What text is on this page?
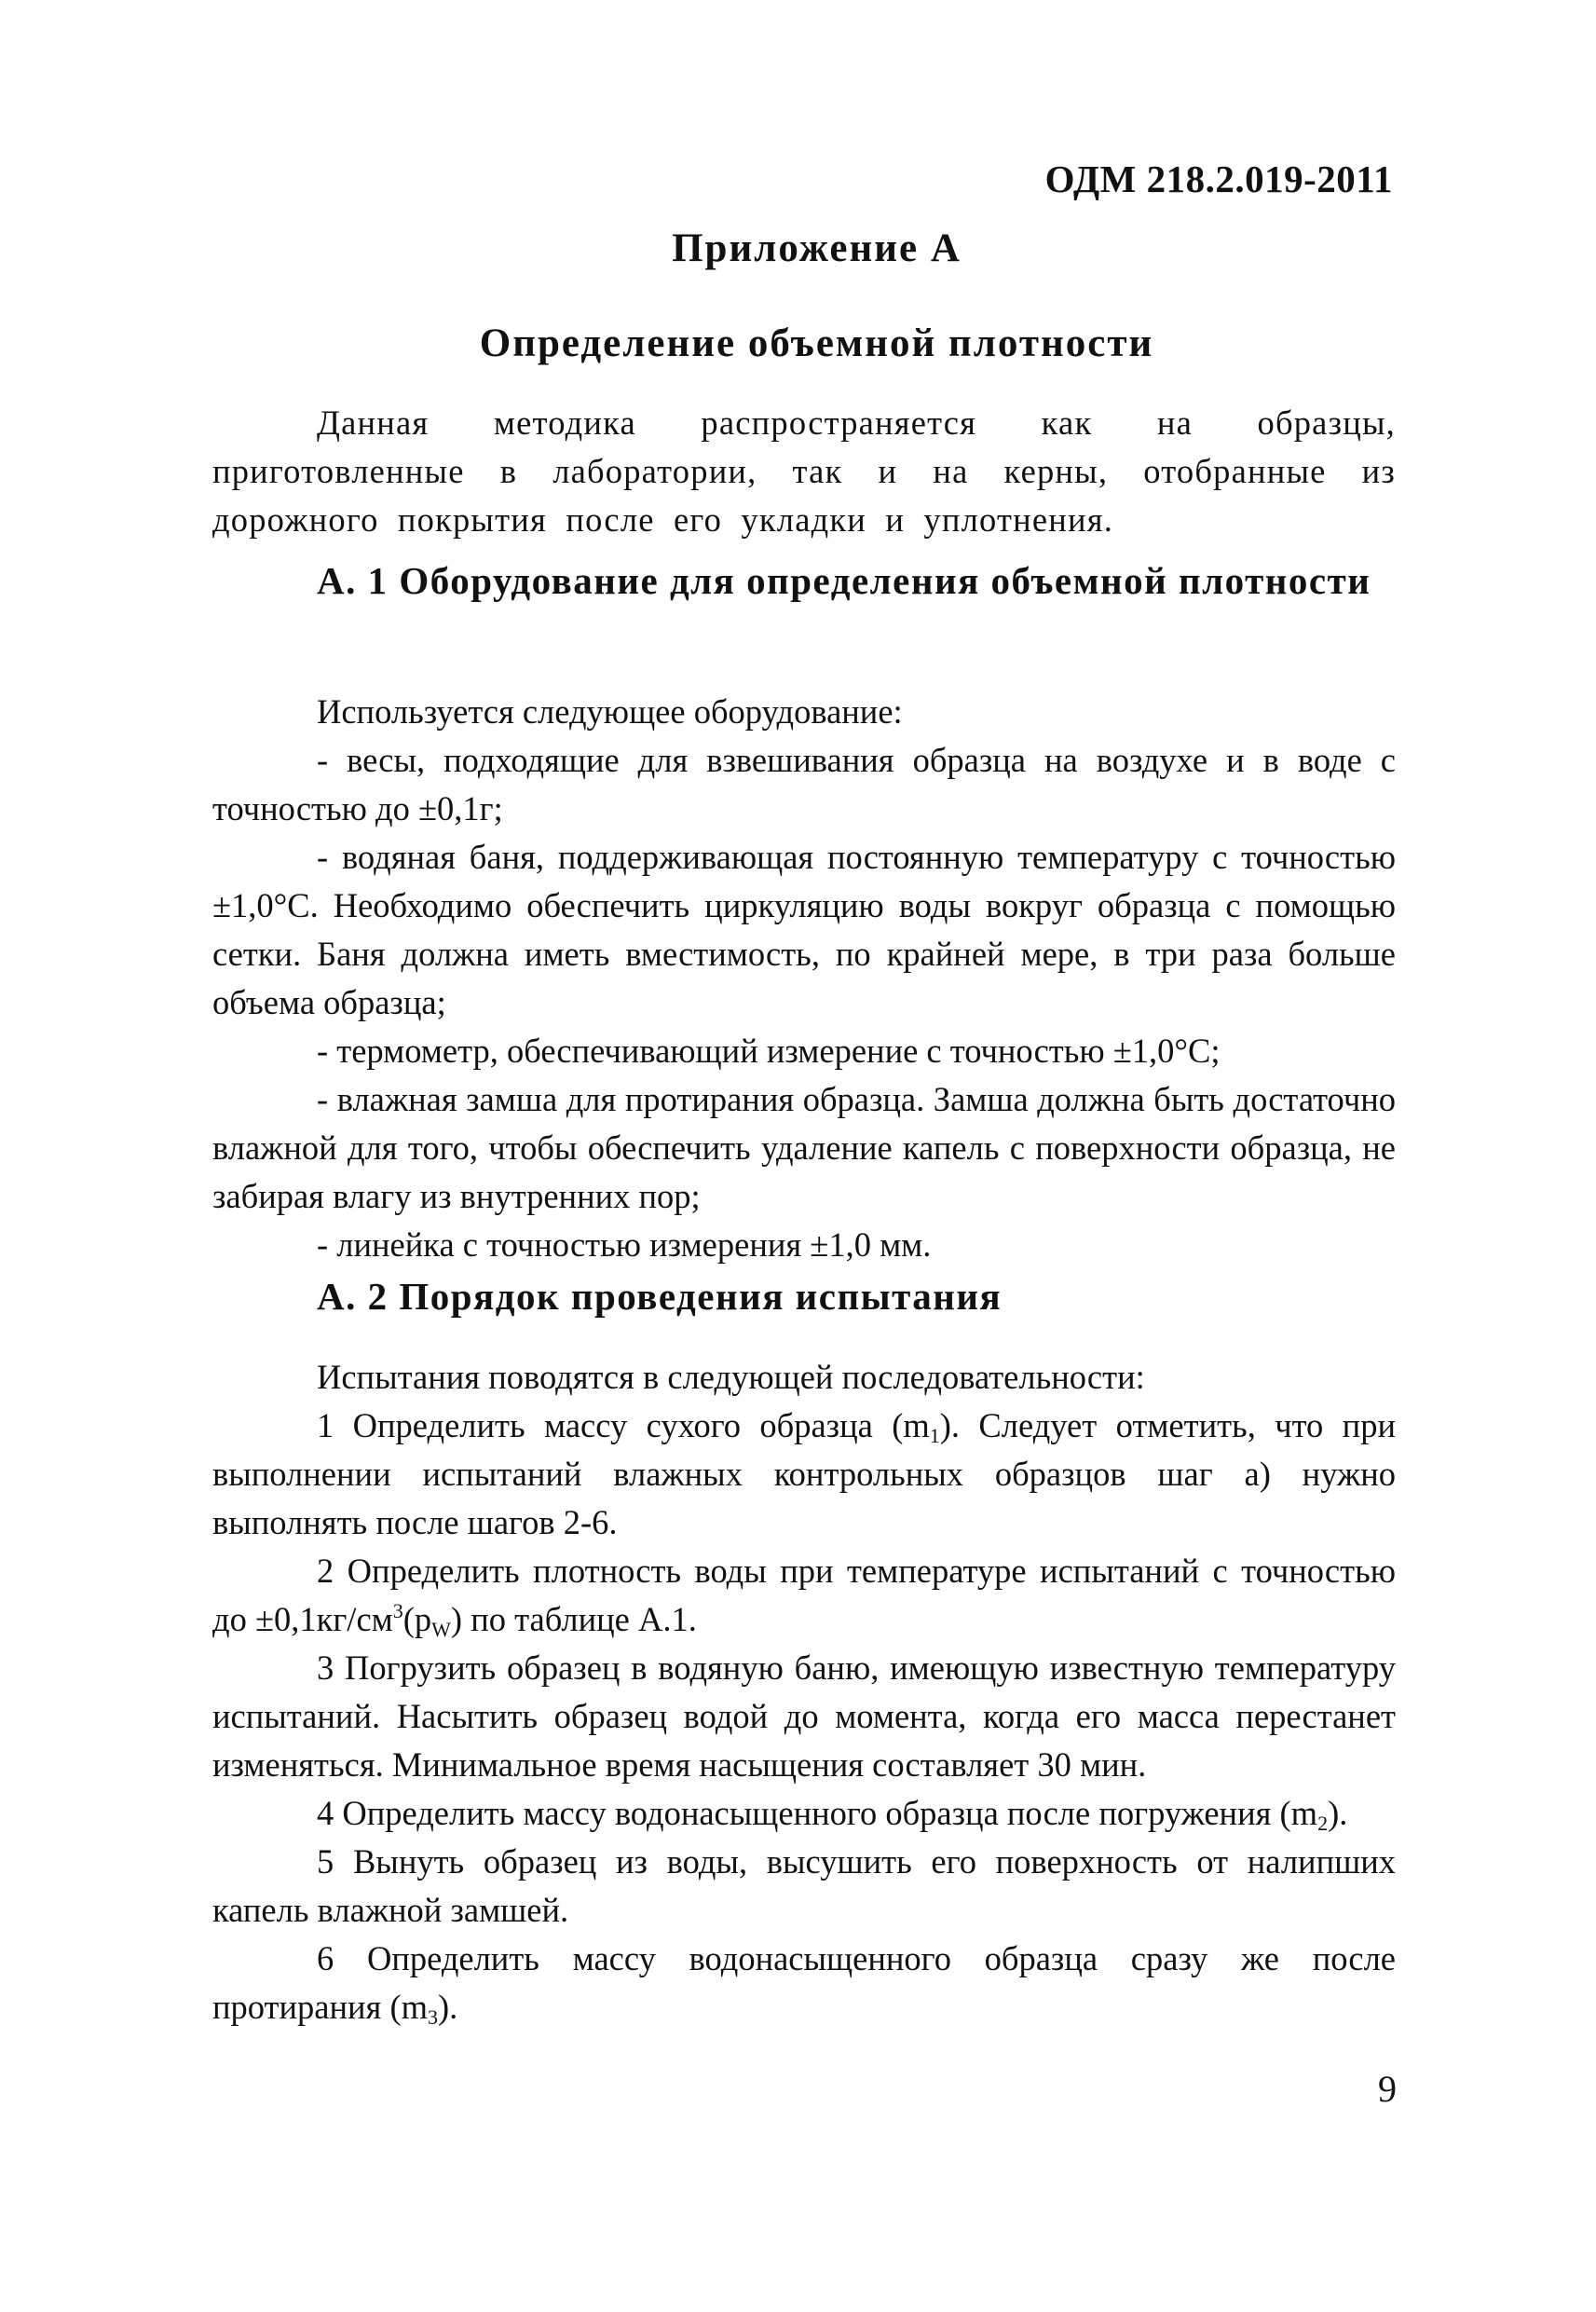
ОДМ 218.2.019-2011
Приложение А
Определение объемной плотности

Данная методика распространяется как на образцы, приготовленные в лаборатории, так и на керны, отобранные из дорожного покрытия после его укладки и уплотнения.

А. 1 Оборудование для определения объемной плотности

Используется следующее оборудование:

- весы, подходящие для взвешивания образца на воздухе и в воде с точностью до ±0,1г;

- водяная баня, поддерживающая постоянную температуру с точностью ±1,0°С. Необходимо обеспечить циркуляцию воды вокруг образца с помощью сетки. Баня должна иметь вместимость, по крайней мере, в три раза больше объема образца;

- термометр, обеспечивающий измерение с точностью ±1,0°С;

- влажная замша для протирания образца. Замша должна быть достаточно влажной для того, чтобы обеспечить удаление капель с поверхности образца, не забирая влагу из внутренних пор;

- линейка с точностью измерения ±1,0 мм.

А. 2 Порядок проведения испытания

Испытания поводятся в следующей последовательности:

1 Определить массу сухого образца $(m_1)$. Следует отметить, что при выполнении испытаний влажных контрольных образцов шаг а) нужно выполнять после шагов 2-6.

2 Определить плотность воды при температуре испытаний с точностью до $\pm 0,1кг/см^3(p_W)$ по таблице А.1.

3 Погрузить образец в водяную баню, имеющую известную температуру испытаний. Насытить образец водой до момента, когда его масса перестанет изменяться. Минимальное время насыщения составляет 30 мин.

4 Определить массу водонасыщенного образца после погружения $(m_2)$.

5 Вынуть образец из воды, высушить его поверхность от налипших капель влажной замшей.

6 Определить массу водонасыщенного образца сразу же после протирания $(m_3)$.

9
